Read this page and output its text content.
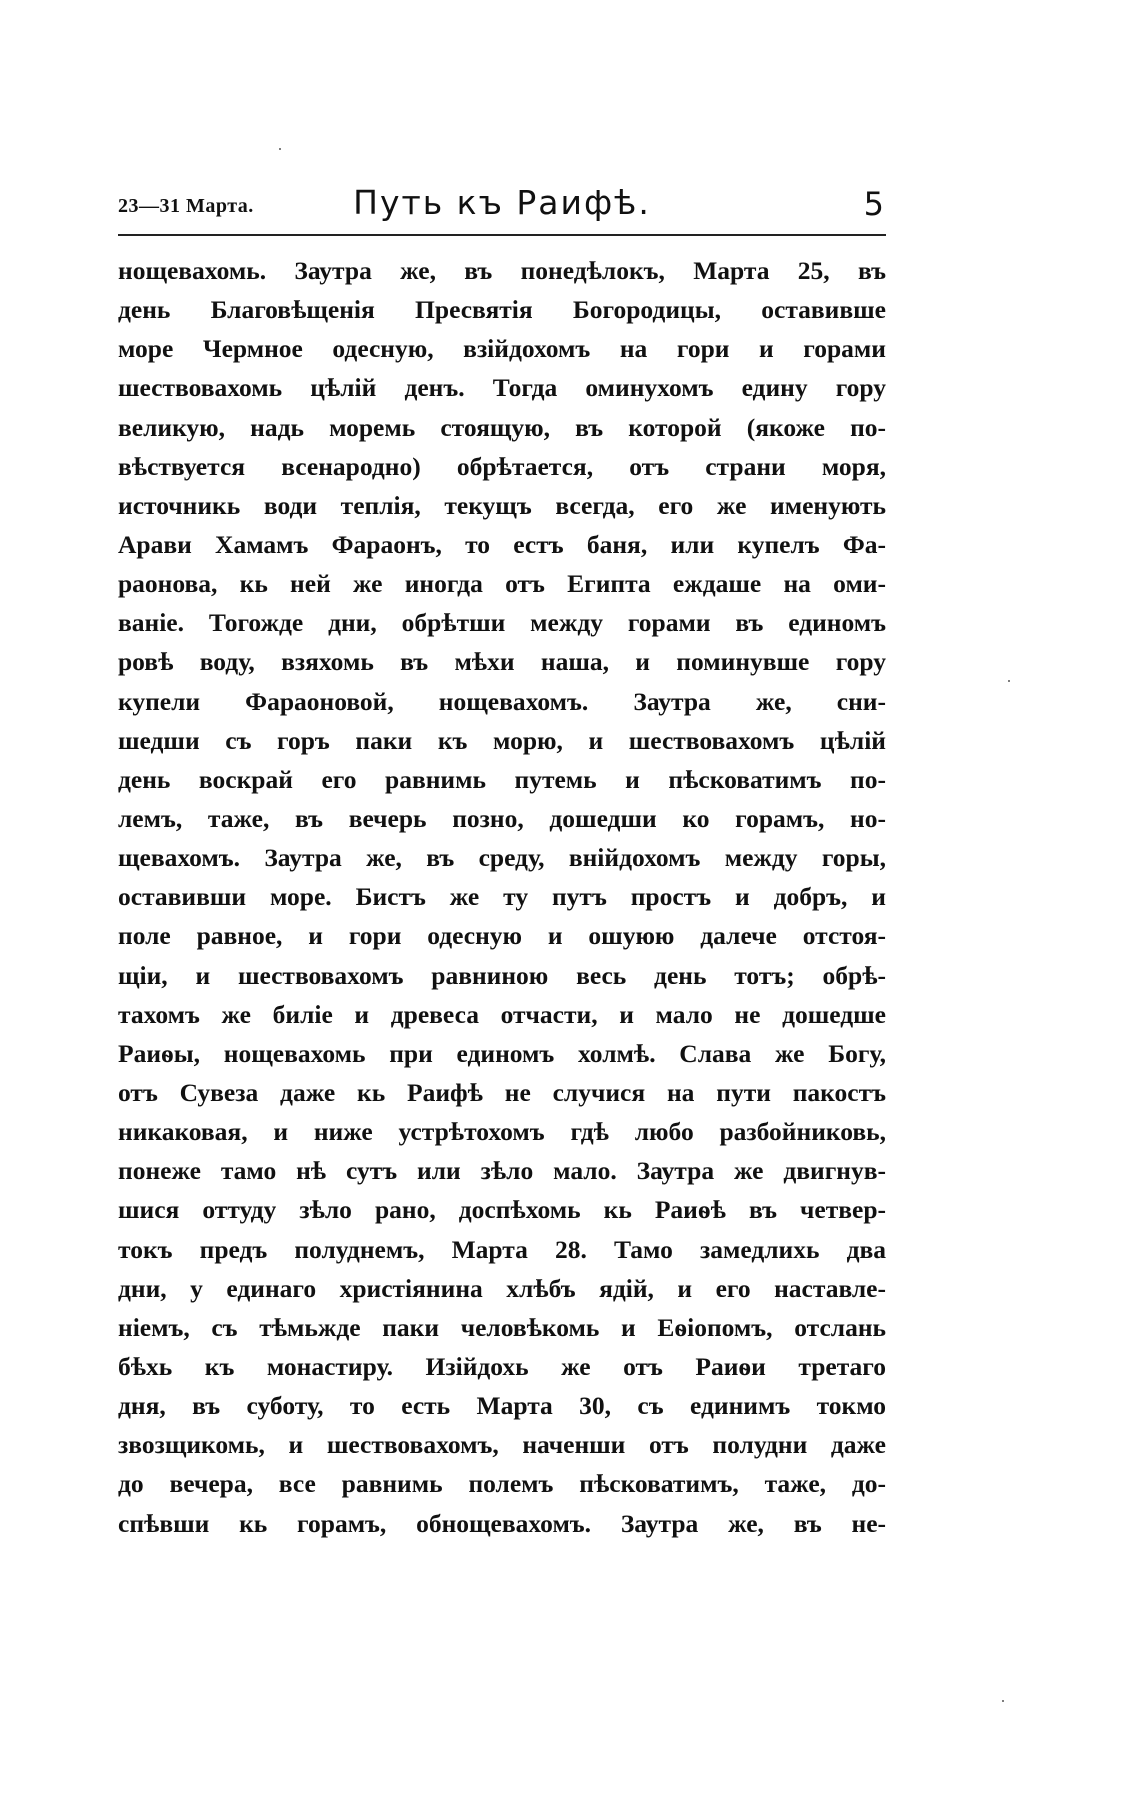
23—31 Марта.	Путь къ Раифѣ.	5
нощевахомь. Заутра же, въ понедѣлокъ, Марта 25, въ
день Благовѣщенія Пресвятія Богородицы, оставивше
море Чермное одесную, взійдохомъ на гори и горами
шествовахомь цѣлій денъ. Тогда оминухомъ едину гору
великую, надь моремь стоящую, въ которой (якоже по-
вѣствуется всенародно) обрѣтается, отъ страни моря,
источникь води теплія, текущъ всегда, его же именують
Арави Хамамъ Фараонъ, то естъ баня, или купелъ Фа-
раонова, кь ней же иногда отъ Египта еждаше на оми-
ваніе. Тогожде дни, обрѣтши между горами въ единомъ
ровѣ воду, взяхомь въ мѣхи наша, и поминувше гору
купели Фараоновой, нощевахомъ. Заутра же, сни-
шедши съ горъ паки къ морю, и шествовахомъ цѣлій
день воскрай его равнимь путемь и пѣсковатимъ по-
лемъ, таже, въ вечерь позно, дошедши ко горамъ, но-
щевахомъ. Заутра же, въ среду, внійдохомъ между горы,
оставивши море. Бистъ же ту путъ простъ и добръ, и
поле равное, и гори одесную и ошуюю далече отстоя-
щіи, и шествовахомъ равниною весь день тотъ; обрѣ-
тахомъ же биліе и древеса отчасти, и мало не дошедше
Раиѳы, нощевахомь при единомъ холмѣ. Слава же Богу,
отъ Сувеза даже кь Раифѣ не случися на пути пакостъ
никаковая, и ниже устрѣтохомъ гдѣ любо разбойниковь,
понеже тамо нѣ сутъ или зѣло мало. Заутра же двигнув-
шися оттуду зѣло рано, доспѣхомь кь Раиѳѣ въ четвер-
токъ предъ полуднемъ, Марта 28. Тамо замедлихь два
дни, у единаго христіянина хлѣбъ ядій, и его наставле-
ніемъ, съ тѣмьжде паки человѣкомь и Еѳіопомъ, отслань
бѣхь къ монастиру. Изійдохь же отъ Раиѳи третаго
дня, въ суботу, то есть Марта 30, съ единимъ токмо
звозщикомь, и шествовахомъ, наченши отъ полудни даже
до вечера, все равнимь полемъ пѣсковатимъ, таже, до-
спѣвши кь горамъ, обнощевахомъ. Заутра же, въ не-
